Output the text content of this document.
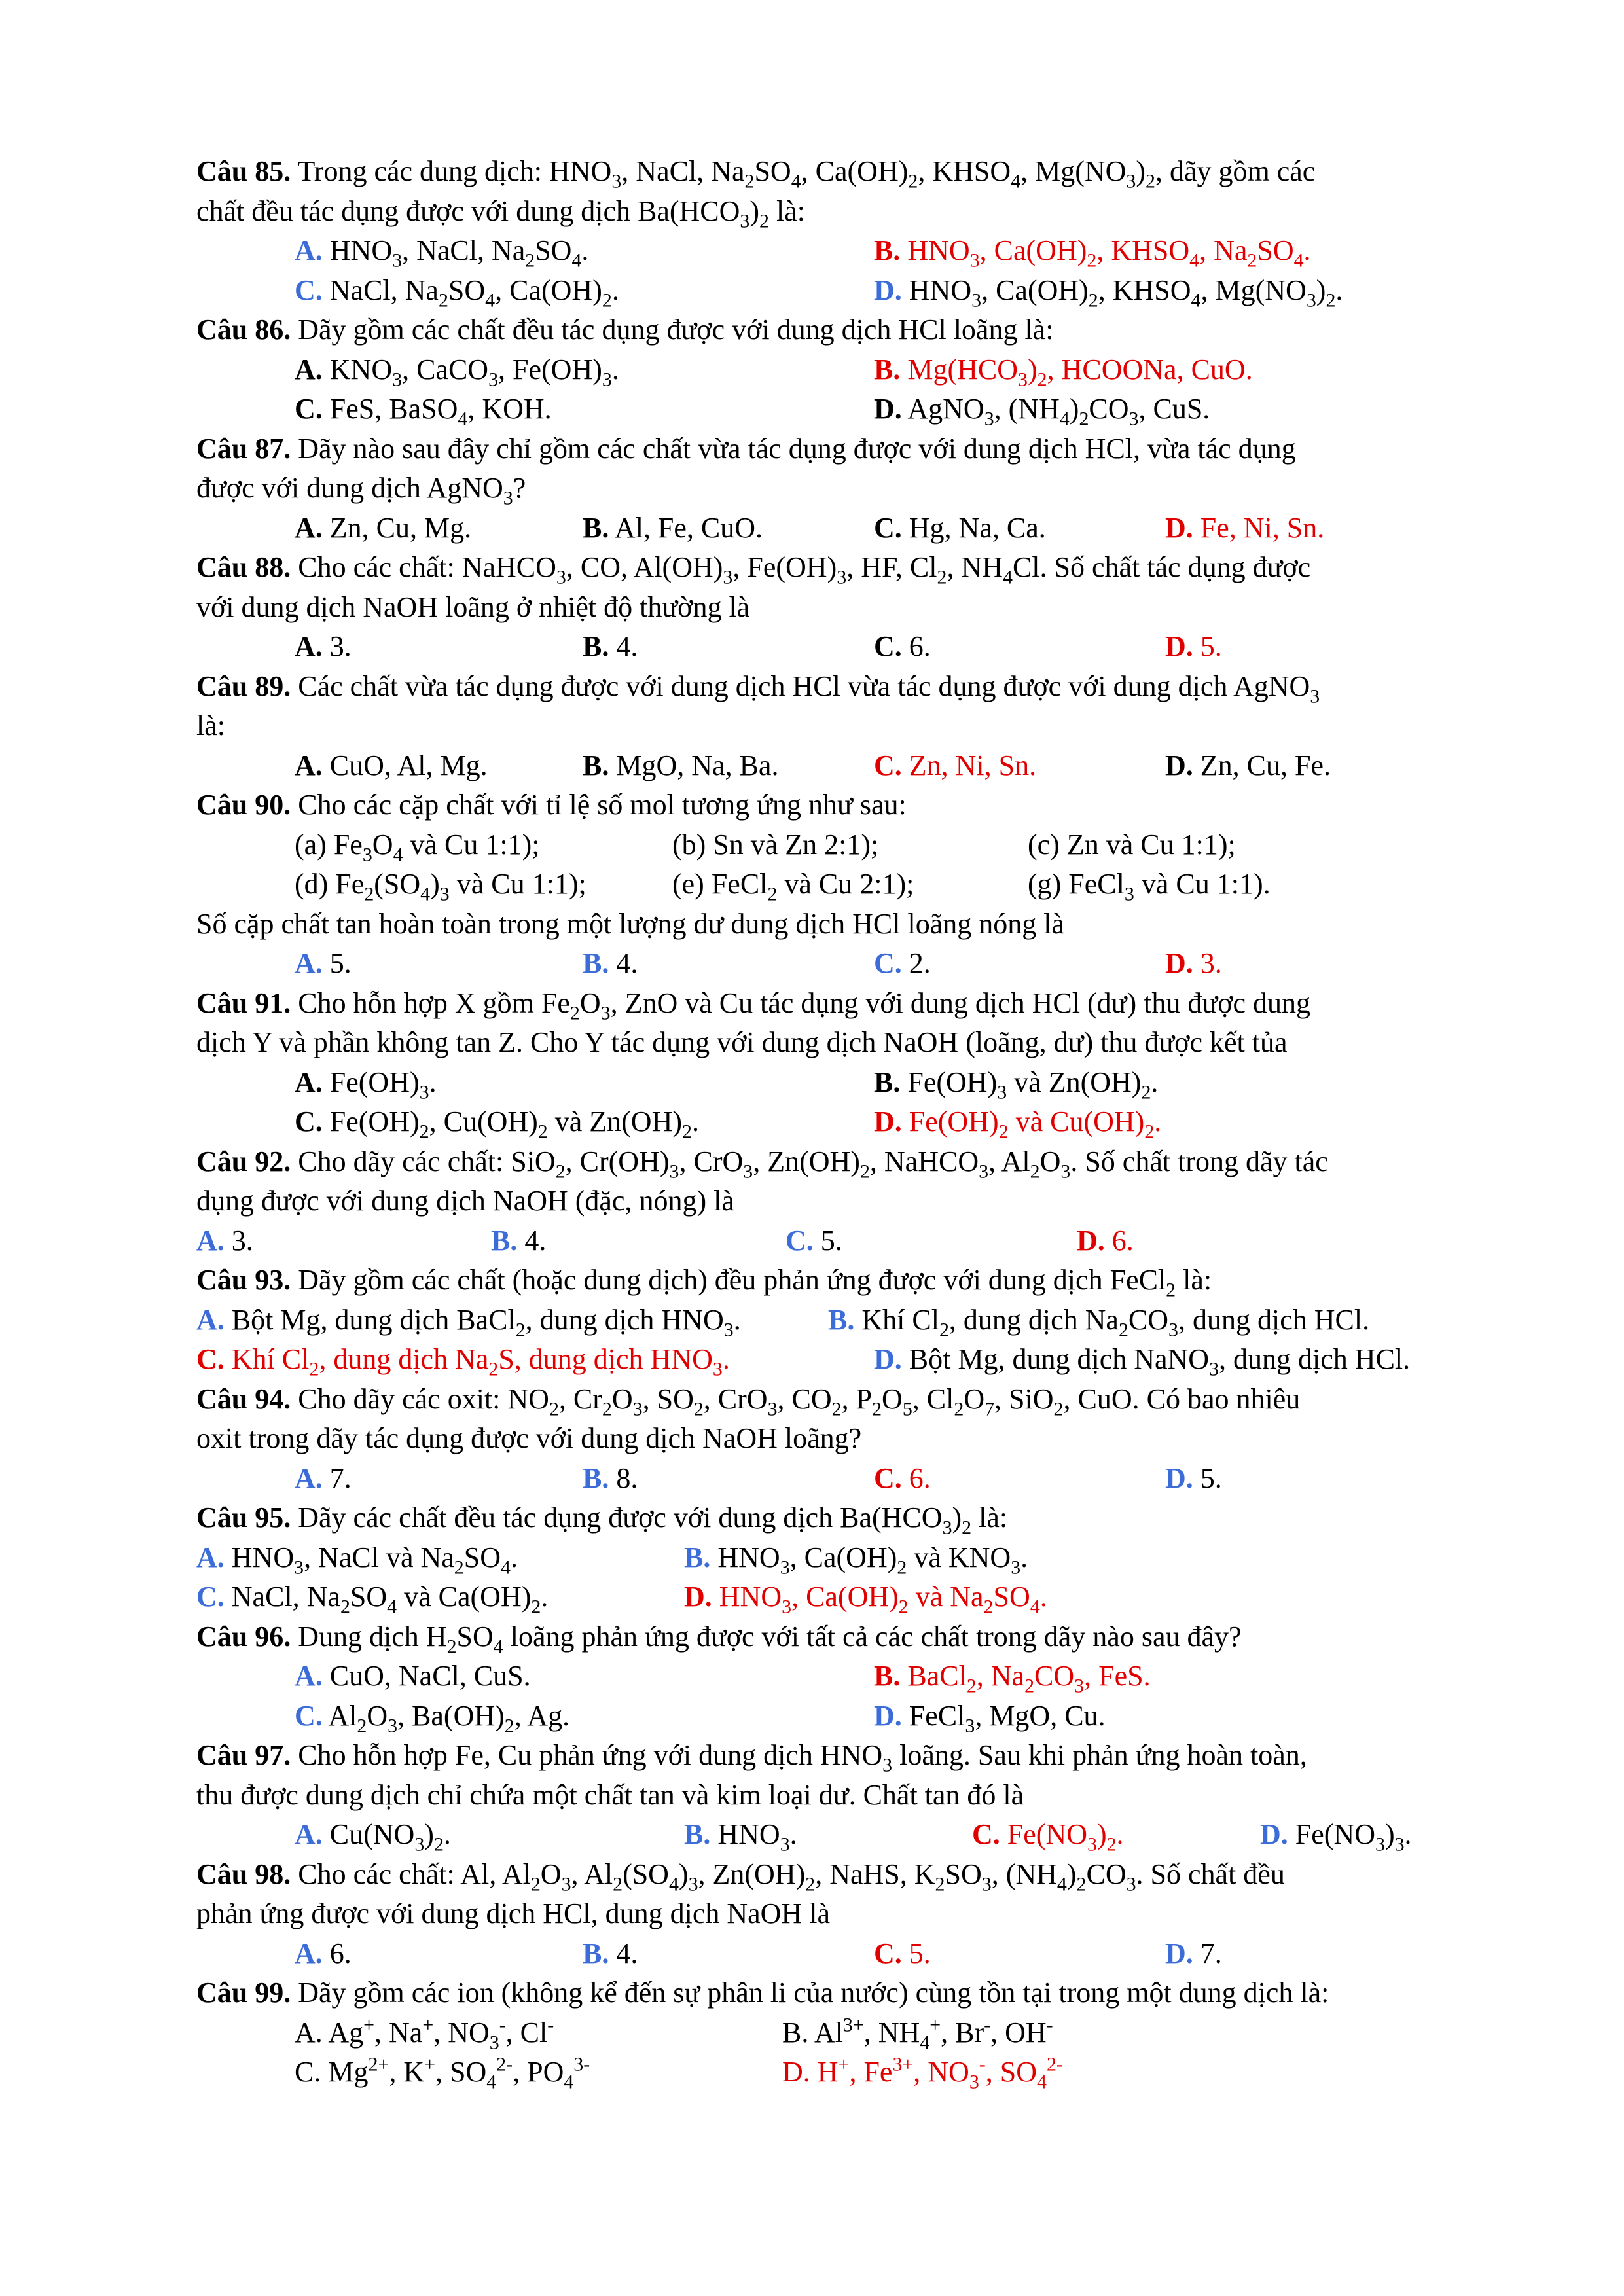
Câu 85. Trong các dung dịch: $HNO_3$, NaCl, $Na_2SO_4$, $Ca(OH)_2$, $KHSO_4$, $Mg(NO_3)_2$, dãy gồm các
chất đều tác dụng được với dung dịch $Ba(HCO_3)_2$ là:
A. $HNO_3$, NaCl, $Na_2SO_4$.	B. $HNO_3$, $Ca(OH)_2$, $KHSO_4$, $Na_2SO_4$.
C. NaCl, $Na_2SO_4$, $Ca(OH)_2$.	D. $HNO_3$, $Ca(OH)_2$, $KHSO_4$, $Mg(NO_3)_2$.
Câu 86. Dãy gồm các chất đều tác dụng được với dung dịch HCl loãng là:
A. $KNO_3$, CaCO$_3$, $Fe(OH)_3$.	B. $Mg(HCO_3)_2$, HCOONa, CuO.
C. FeS, BaSO$_4$, KOH.	D. AgNO$_3$, $(NH_4)_2CO_3$, CuS.
Câu 87. Dãy nào sau đây chỉ gồm các chất vừa tác dụng được với dung dịch HCl, vừa tác dụng
được với dung dịch AgNO$_3$?
A. Zn, Cu, Mg.	B. Al, Fe, CuO.	C. Hg, Na, Ca.	D. Fe, Ni, Sn.
Câu 88. Cho các chất: NaHCO$_3$, CO, $Al(OH)_3$, $Fe(OH)_3$, HF, $Cl_2$, $NH_4Cl$. Số chất tác dụng được
với dung dịch NaOH loãng ở nhiệt độ thường là
A. 3.	B. 4.	C. 6.	D. 5.
Câu 89. Các chất vừa tác dụng được với dung dịch HCl vừa tác dụng được với dung dịch AgNO$_3$
là:
A. CuO, Al, Mg.	B. MgO, Na, Ba.	C. Zn, Ni, Sn.	D. Zn, Cu, Fe.
Câu 90. Cho các cặp chất với tỉ lệ số mol tương ứng như sau:
(a) $Fe_3O_4$ và Cu 1:1);	(b) Sn và Zn 2:1);	(c) Zn và Cu 1:1);
(d) $Fe_2(SO_4)_3$ và Cu 1:1);	(e) FeCl$_2$ và Cu 2:1);	(g) FeCl$_3$ và Cu 1:1).
Số cặp chất tan hoàn toàn trong một lượng dư dung dịch HCl loãng nóng là
A. 5.	B. 4.	C. 2.	D. 3.
Câu 91. Cho hỗn hợp X gồm $Fe_2O_3$, ZnO và Cu tác dụng với dung dịch HCl (dư) thu được dung
dịch Y và phần không tan Z. Cho Y tác dụng với dung dịch NaOH (loãng, dư) thu được kết tủa
A. $Fe(OH)_3$.	B. $Fe(OH)_3$ và $Zn(OH)_2$.
C. $Fe(OH)_2$, $Cu(OH)_2$ và $Zn(OH)_2$.	D. $Fe(OH)_2$ và $Cu(OH)_2$.
Câu 92. Cho dãy các chất: SiO$_2$, $Cr(OH)_3$, CrO$_3$, $Zn(OH)_2$, NaHCO$_3$, $Al_2O_3$. Số chất trong dãy tác
dụng được với dung dịch NaOH (đặc, nóng) là
A. 3.	B. 4.	C. 5.	D. 6.
Câu 93. Dãy gồm các chất (hoặc dung dịch) đều phản ứng được với dung dịch FeCl$_2$ là:
A. Bột Mg, dung dịch BaCl$_2$, dung dịch $HNO_3$.	B. Khí $Cl_2$, dung dịch $Na_2CO_3$, dung dịch HCl.
C. Khí $Cl_2$, dung dịch $Na_2S$, dung dịch $HNO_3$.	D. Bột Mg, dung dịch NaNO$_3$, dung dịch HCl.
Câu 94. Cho dãy các oxit: $NO_2$, $Cr_2O_3$, $SO_2$, CrO$_3$, $CO_2$, $P_2O_5$, $Cl_2O_7$, SiO$_2$, CuO. Có bao nhiêu
oxit trong dãy tác dụng được với dung dịch NaOH loãng?
A. 7.	B. 8.	C. 6.	D. 5.
Câu 95. Dãy các chất đều tác dụng được với dung dịch $Ba(HCO_3)_2$ là:
A. $HNO_3$, NaCl và $Na_2SO_4$.	B. $HNO_3$, $Ca(OH)_2$ và $KNO_3$.
C. NaCl, $Na_2SO_4$ và $Ca(OH)_2$.	D. $HNO_3$, $Ca(OH)_2$ và $Na_2SO_4$.
Câu 96. Dung dịch $H_2SO_4$ loãng phản ứng được với tất cả các chất trong dãy nào sau đây?
A. CuO, NaCl, CuS.	B. BaCl$_2$, $Na_2CO_3$, FeS.
C. $Al_2O_3$, $Ba(OH)_2$, Ag.	D. FeCl$_3$, MgO, Cu.
Câu 97. Cho hỗn hợp Fe, Cu phản ứng với dung dịch $HNO_3$ loãng. Sau khi phản ứng hoàn toàn,
thu được dung dịch chỉ chứa một chất tan và kim loại dư. Chất tan đó là
A. $Cu(NO_3)_2$.	B. $HNO_3$.	C. $Fe(NO_3)_2$.	D. $Fe(NO_3)_3$.
Câu 98. Cho các chất: Al, $Al_2O_3$, $Al_2(SO_4)_3$, $Zn(OH)_2$, NaHS, $K_2SO_3$, $(NH_4)_2CO_3$. Số chất đều
phản ứng được với dung dịch HCl, dung dịch NaOH là
A. 6.	B. 4.	C. 5.	D. 7.
Câu 99. Dãy gồm các ion (không kể đến sự phân li của nước) cùng tồn tại trong một dung dịch là:
A. Ag+, Na+, $NO_3^-$, Cl-	B. $Al^{3+}$, $NH_4^+$, Br-, OH-
C. $Mg^{2+}$, K+, $SO_4^{2-}$, $PO_4^{3-}$	D. H+, $Fe^{3+}$, $NO_3^-$, $SO_4^{2-}$
